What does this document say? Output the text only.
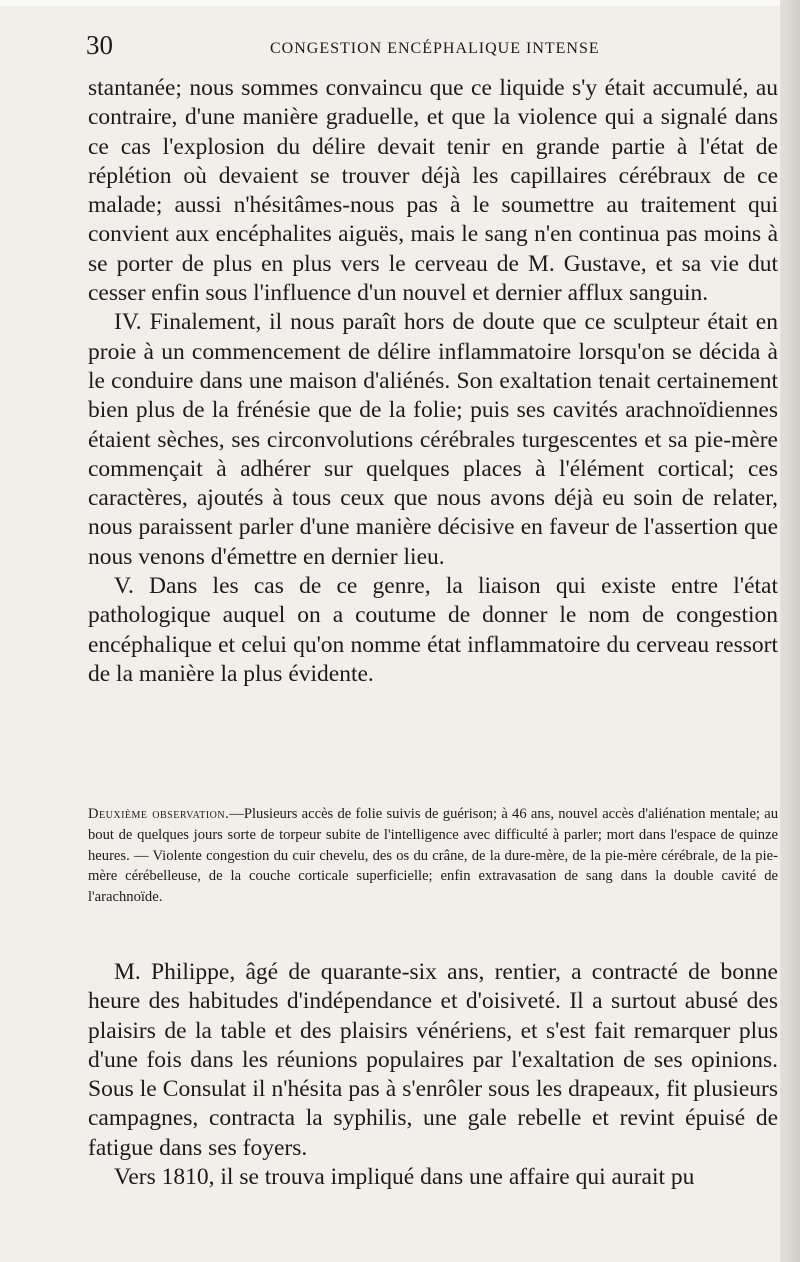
30	CONGESTION ENCÉPHALIQUE INTENSE

stantanée; nous sommes convaincu que ce liquide s'y était accumulé, au contraire, d'une manière graduelle, et que la violence qui a signalé dans ce cas l'explosion du délire devait tenir en grande partie à l'état de réplétion où devaient se trouver déjà les capillaires cérébraux de ce malade; aussi n'hésitâmes-nous pas à le soumettre au traitement qui convient aux encéphalites aiguës, mais le sang n'en continua pas moins à se porter de plus en plus vers le cerveau de M. Gustave, et sa vie dut cesser enfin sous l'influence d'un nouvel et dernier afflux sanguin.

IV. Finalement, il nous paraît hors de doute que ce sculpteur était en proie à un commencement de délire inflammatoire lorsqu'on se décida à le conduire dans une maison d'aliénés. Son exaltation tenait certainement bien plus de la frénésie que de la folie; puis ses cavités arachnoïdiennes étaient sèches, ses circonvolutions cérébrales turgescentes et sa pie-mère commençait à adhérer sur quelques places à l'élément cortical; ces caractères, ajoutés à tous ceux que nous avons déjà eu soin de relater, nous paraissent parler d'une manière décisive en faveur de l'assertion que nous venons d'émettre en dernier lieu.

V. Dans les cas de ce genre, la liaison qui existe entre l'état pathologique auquel on a coutume de donner le nom de congestion encéphalique et celui qu'on nomme état inflammatoire du cerveau ressort de la manière la plus évidente.

Deuxième observation.—Plusieurs accès de folie suivis de guérison; à 46 ans, nouvel accès d'aliénation mentale; au bout de quelques jours sorte de torpeur subite de l'intelligence avec difficulté à parler; mort dans l'espace de quinze heures. — Violente congestion du cuir chevelu, des os du crâne, de la dure-mère, de la pie-mère cérébrale, de la pie-mère cérébelleuse, de la couche corticale superficielle; enfin extravasation de sang dans la double cavité de l'arachnoïde.

M. Philippe, âgé de quarante-six ans, rentier, a contracté de bonne heure des habitudes d'indépendance et d'oisiveté. Il a surtout abusé des plaisirs de la table et des plaisirs vénériens, et s'est fait remarquer plus d'une fois dans les réunions populaires par l'exaltation de ses opinions. Sous le Consulat il n'hésita pas à s'enrôler sous les drapeaux, fit plusieurs campagnes, contracta la syphilis, une gale rebelle et revint épuisé de fatigue dans ses foyers.

Vers 1810, il se trouva impliqué dans une affaire qui aurait pu
